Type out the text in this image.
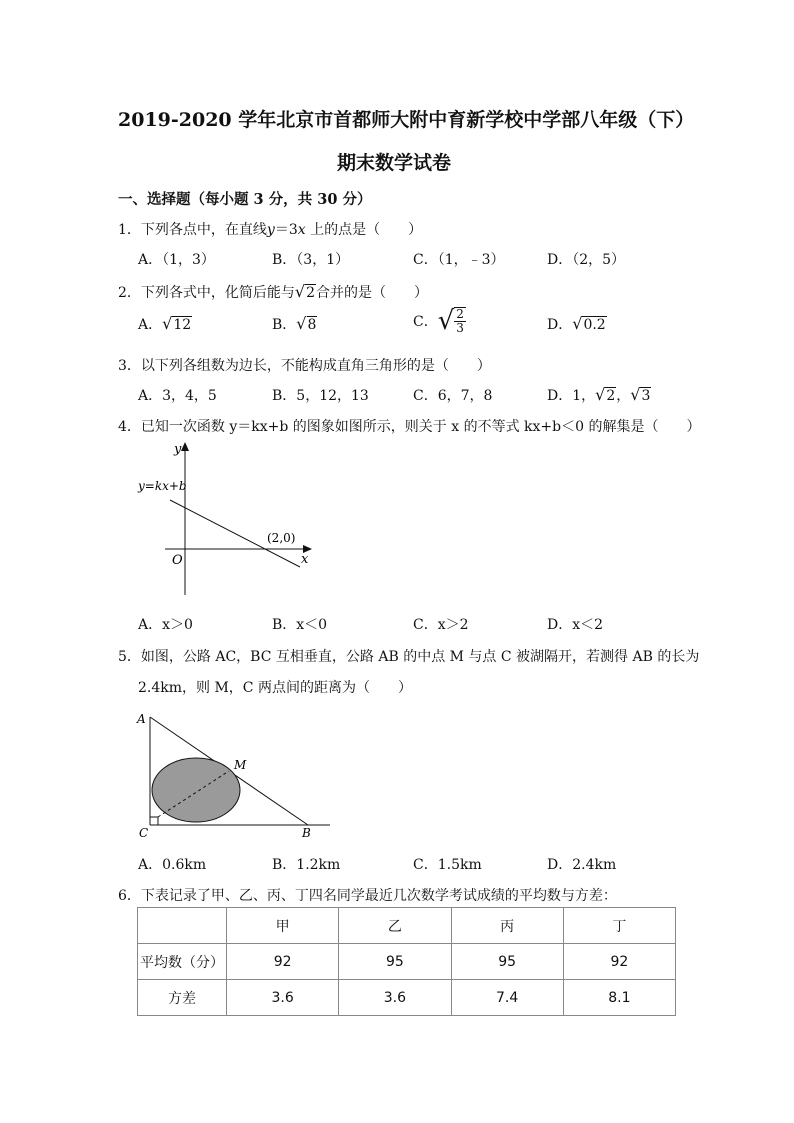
2019-2020 学年北京市首都师大附中育新学校中学部八年级（下）
期末数学试卷
一、选择题（每小题 3 分，共 30 分）
1．下列各点中，在直线y＝3x 上的点是（　　）
A．（1，3）	B．（3，1）	C．（1，﹣3）	D．（2，5）
2．下列各式中，化简后能与√2合并的是（　　）
A．√12	B．√8	C．√ $\frac{2}{3}$	D．√0.2
3．以下列各组数为边长，不能构成直角三角形的是（　　）
A．3，4，5	B．5，12，13	C．6，7，8	D．1，√2，√3
4．已知一次函数 y＝kx+b 的图象如图所示，则关于 x 的不等式 kx+b＜0 的解集是（　　）
y
x
O
y=kx+b
(2,0)
A．x＞0	B．x＜0	C．x＞2	D．x＜2
5．如图，公路 AC，BC 互相垂直，公路 AB 的中点 M 与点 C 被湖隔开，若测得 AB 的长为
2.4km，则 M，C 两点间的距离为（　　）
A
B
C
M
A．0.6km	B．1.2km	C．1.5km	D．2.4km
6．下表记录了甲、乙、丙、丁四名同学最近几次数学考试成绩的平均数与方差：
	甲	乙	丙	丁
平均数（分）	92	95	95	92
方差	3.6	3.6	7.4	8.1
